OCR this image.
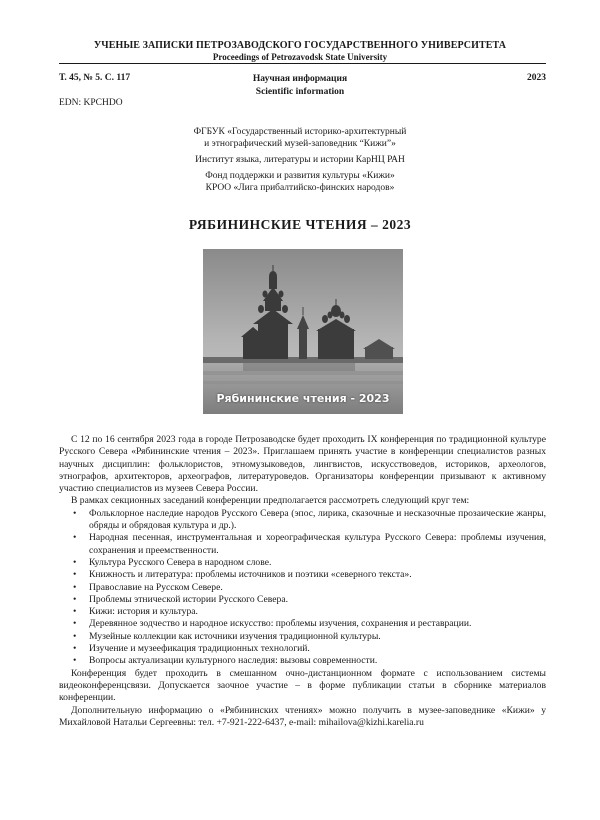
УЧЕНЫЕ ЗАПИСКИ ПЕТРОЗАВОДСКОГО ГОСУДАРСТВЕННОГО УНИВЕРСИТЕТА
Proceedings of Petrozavodsk State University
Т. 45, № 5. С. 117	Научная информация
Scientific information
2023
EDN: KPCHDO

ФГБУК «Государственный историко-архитектурный
и этнографический музей-заповедник “Кижи”»

Институт языка, литературы и истории КарНЦ РАН

Фонд поддержки и развития культуры «Кижи»
КРОО «Лига прибалтийско-финских народов»

РЯБИНИНСКИЕ ЧТЕНИЯ – 2023
Рябининские чтения - 2023

С 12 по 16 сентября 2023 года в городе Петрозаводске будет проходить IX конференция по традиционной культуре Русского Севера «Рябининские чтения – 2023». Приглашаем принять участие в конференции специалистов разных научных дисциплин: фольклористов, этномузыковедов, лингвистов, искусствоведов, историков, археологов, этнографов, архитекторов, археографов, литературоведов. Организаторы конференции призывают к активному участию специалистов из музеев Севера России.

В рамках секционных заседаний конференции предполагается рассмотреть следующий круг тем:

• Фольклорное наследие народов Русского Севера (эпос, лирика, сказочные и несказочные прозаические жанры, обряды и обрядовая культура и др.).
• Народная песенная, инструментальная и хореографическая культура Русского Севера: проблемы изучения, сохранения и преемственности.
• Культура Русского Севера в народном слове.
• Книжность и литература: проблемы источников и поэтики «северного текста».
• Православие на Русском Севере.
• Проблемы этнической истории Русского Севера.
• Кижи: история и культура.
• Деревянное зодчество и народное искусство: проблемы изучения, сохранения и реставрации.
• Музейные коллекции как источники изучения традиционной культуры.
• Изучение и музеефикация традиционных технологий.
• Вопросы актуализации культурного наследия: вызовы современности.

Конференция будет проходить в смешанном очно-дистанционном формате с использованием системы видеоконференцсвязи. Допускается заочное участие – в форме публикации статьи в сборнике материалов конференции.

Дополнительную информацию о «Рябининских чтениях» можно получить в музее-заповеднике «Кижи» у Михайловой Натальи Сергеевны: тел. +7-921-222-6437, e-mail: mihailova@kizhi.karelia.ru
